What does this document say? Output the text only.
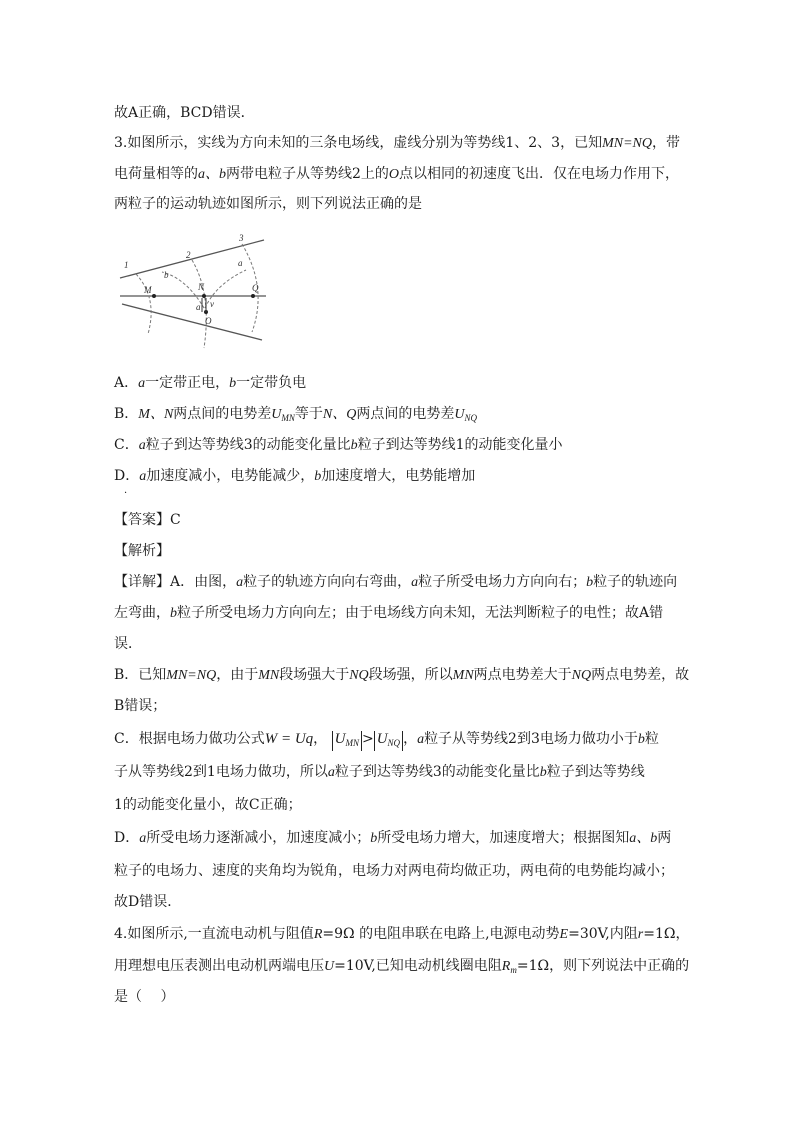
故A正确，BCD错误．
3.如图所示，实线为方向未知的三条电场线，虚线分别为等势线1、2、3，已知MN=NQ，带
电荷量相等的a、b两带电粒子从等势线2上的O点以相同的初速度飞出．仅在电场力作用下，
两粒子的运动轨迹如图所示，则下列说法正确的是
1
2
3
b
a
M	N	Q
O
v
a
A．a一定带正电，b一定带负电
B．M、N两点间的电势差$U_{MN}$等于N、Q两点间的电势差$U_{NQ}$
C．a粒子到达等势线3的动能变化量比b粒子到达等势线1的动能变化量小
D．a加速度减小，电势能减少，b加速度增大，电势能增加
·
【答案】C
【解析】
【详解】A．由图，a粒子的轨迹方向向右弯曲，a粒子所受电场力方向向右；b粒子的轨迹向
左弯曲，b粒子所受电场力方向向左；由于电场线方向未知，无法判断粒子的电性；故A错
误．
B．已知MN=NQ，由于MN段场强大于NQ段场强，所以MN两点电势差大于NQ两点电势差，故
B错误；
C．根据电场力做功公式W = Uq， $U_{MN} > U_{NQ}$ ，a粒子从等势线2到3电场力做功小于b粒
子从等势线2到1电场力做功，所以a粒子到达等势线3的动能变化量比b粒子到达等势线
1的动能变化量小，故C正确；
D．a所受电场力逐渐减小，加速度减小；b所受电场力增大，加速度增大；根据图知a、b两
粒子的电场力、速度的夹角均为锐角，电场力对两电荷均做正功，两电荷的电势能均减小；
故D错误．
4.如图所示,一直流电动机与阻值R=9Ω 的电阻串联在电路上,电源电动势E=30V,内阻r=1Ω，
用理想电压表测出电动机两端电压U=10V,已知电动机线圈电阻$R_m=1\Omega$，则下列说法中正确的
是（　 ）
